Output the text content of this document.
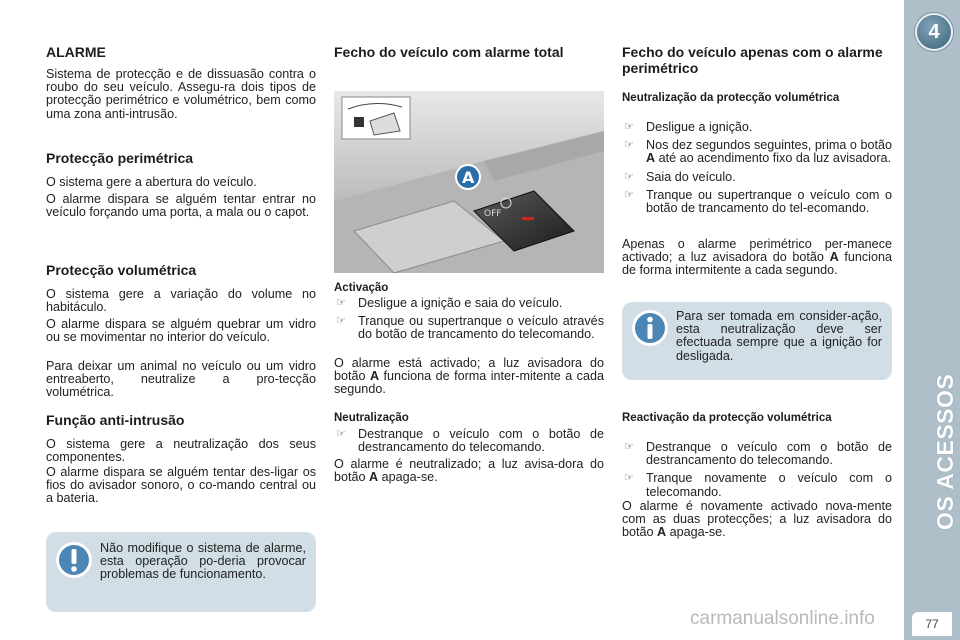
4
OS ACESSOS
77
ALARME

Sistema de protecção e de dissuasão contra o roubo do seu veículo. Assegu-ra dois tipos de protecção perimétrico e volumétrico, bem como uma zona anti-intrusão.

Protecção perimétrica

O sistema gere a abertura do veículo.

O alarme dispara se alguém tentar entrar no veículo forçando uma porta, a mala ou o capot.

Protecção volumétrica

O sistema gere a variação do volume no habitáculo.

O alarme dispara se alguém quebrar um vidro ou se movimentar no interior do veículo.

Para deixar um animal no veículo ou um vidro entreaberto, neutralize a pro-tecção volumétrica.

Função anti-intrusão

O sistema gere a neutralização dos seus componentes.

O alarme dispara se alguém tentar des-ligar os fios do avisador sonoro, o co-mando central ou a bateria.

Não modifique o sistema de alarme, esta operação po-deria provocar problemas de funcionamento.

Fecho do veículo com alarme total
OFF
A
Activação
☞ Desligue a ignição e saia do veículo.
☞ Tranque ou supertranque o veículo através do botão de trancamento do telecomando.

O alarme está activado; a luz avisadora do botão A funciona de forma inter-mitente a cada segundo.

Neutralização
☞ Destranque o veículo com o botão de destrancamento do telecomando.

O alarme é neutralizado; a luz avisa-dora do botão A apaga-se.

Fecho do veículo apenas com o alarme perimétrico
Neutralização da protecção volumétrica
☞ Desligue a ignição.
☞ Nos dez segundos seguintes, prima o botão A até ao acendimento fixo da luz avisadora.
☞ Saia do veículo.
☞ Tranque ou supertranque o veículo com o botão de trancamento do tel-ecomando.

Apenas o alarme perimétrico per-manece activado; a luz avisadora do botão A funciona de forma intermitente a cada segundo.

Para ser tomada em consider-ação, esta neutralização deve ser efectuada sempre que a ignição for desligada.

Reactivação da protecção volumétrica
☞ Destranque o veículo com o botão de destrancamento do telecomando.
☞ Tranque novamente o veículo com o telecomando.

O alarme é novamente activado nova-mente com as duas protecções; a luz avisadora do botão A apaga-se.

carmanualsonline.info
